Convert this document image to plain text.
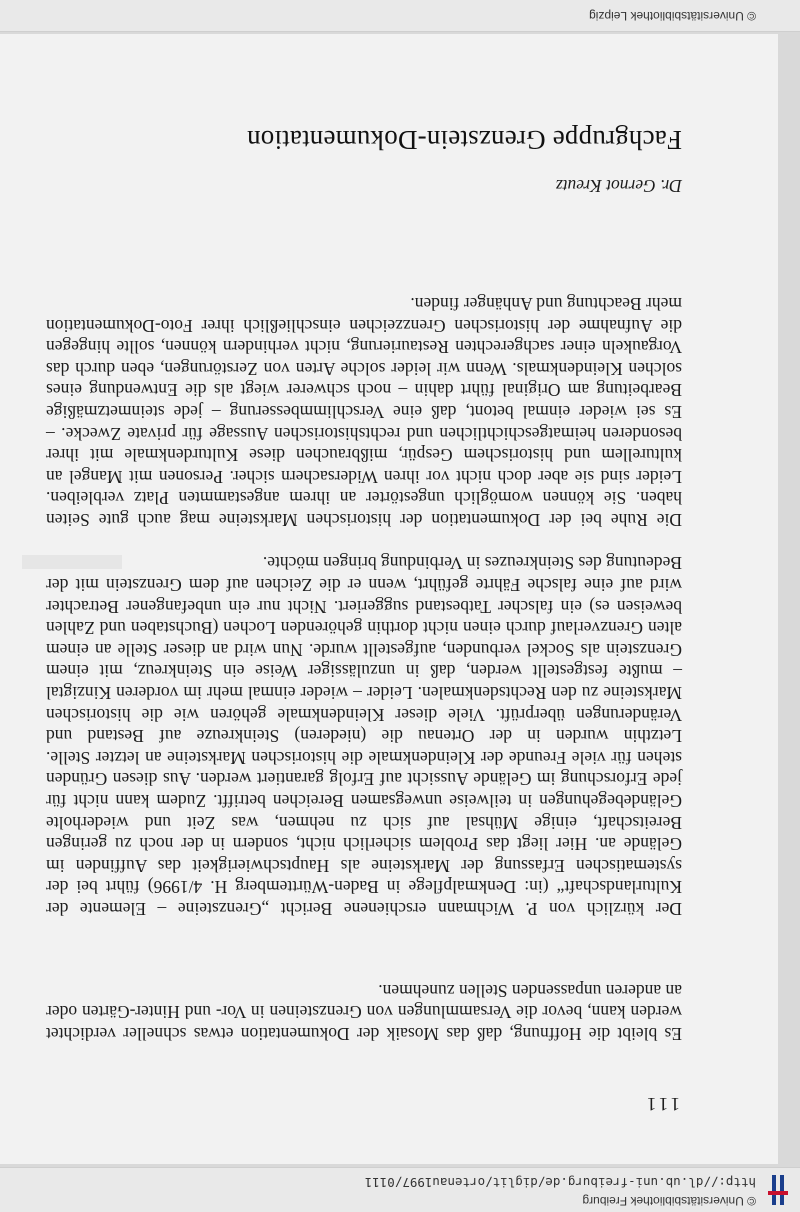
© Universitätsbibliothek Freiburg
http://dl.ub.uni-freiburg.de/diglit/ortenau1997/0111
111

Es bleibt die Hoffnung, daß das Mosaik der Dokumentation etwas schneller verdichtet werden kann, bevor die Versammlungen von Grenzsteinen in Vor- und Hinter-Gärten oder an anderen unpassenden Stellen zunehmen.

Der kürzlich von P. Wichmann erschienene Bericht „Grenzsteine – Elemente der Kulturlandschaft“ (in: Denkmalpflege in Baden-Württemberg H. 4/1996) führt bei der systematischen Erfassung der Marksteine als Hauptschwierigkeit das Auffinden im Gelände an. Hier liegt das Problem sicherlich nicht, sondern in der noch zu geringen Bereitschaft, einige Mühsal auf sich zu nehmen, was Zeit und wiederholte Geländebegehungen in teilweise unwegsamen Bereichen betrifft. Zudem kann nicht für jede Erforschung im Gelände Aussicht auf Erfolg garantiert werden. Aus diesen Gründen stehen für viele Freunde der Kleindenkmale die historischen Marksteine an letzter Stelle. Letzthin wurden in der Ortenau die (niederen) Steinkreuze auf Bestand und Veränderungen überprüft. Viele dieser Kleindenkmale gehören wie die historischen Marksteine zu den Rechtsdenkmalen. Leider – wieder einmal mehr im vorderen Kinzigtal – mußte festgestellt werden, daß in unzulässiger Weise ein Steinkreuz, mit einem Grenzstein als Sockel verbunden, aufgestellt wurde. Nun wird an dieser Stelle an einem alten Grenzverlauf durch einen nicht dorthin gehörenden Lochen (Buchstaben und Zahlen beweisen es) ein falscher Tatbestand suggeriert. Nicht nur ein unbefangener Betrachter wird auf eine falsche Fährte geführt, wenn er die Zeichen auf dem Grenzstein mit der Bedeutung des Steinkreuzes in Verbindung bringen möchte.

Die Ruhe bei der Dokumentation der historischen Marksteine mag auch gute Seiten haben. Sie können womöglich ungestörter an ihrem angestammten Platz verbleiben. Leider sind sie aber doch nicht vor ihren Widersachern sicher. Personen mit Mangel an kulturellem und historischem Gespür, mißbrauchen diese Kulturdenkmale mit ihrer besonderen heimatgeschichtlichen und rechtshistorischen Aussage für private Zwecke. – Es sei wieder einmal betont, daß eine Verschlimmbesserung – jede steinmetzmäßige Bearbeitung am Original führt dahin – noch schwerer wiegt als die Entwendung eines solchen Kleindenkmals. Wenn wir leider solche Arten von Zerstörungen, eben durch das Vorgaukeln einer sachgerechten Restaurierung, nicht verhindern können, sollte hingegen die Aufnahme der historischen Grenzzeichen einschließlich ihrer Foto-Dokumentation mehr Beachtung und Anhänger finden.

Dr. Gernot Kreutz
Fachgruppe Grenzstein-Dokumentation
© Universitätsbibliothek Leipzig
